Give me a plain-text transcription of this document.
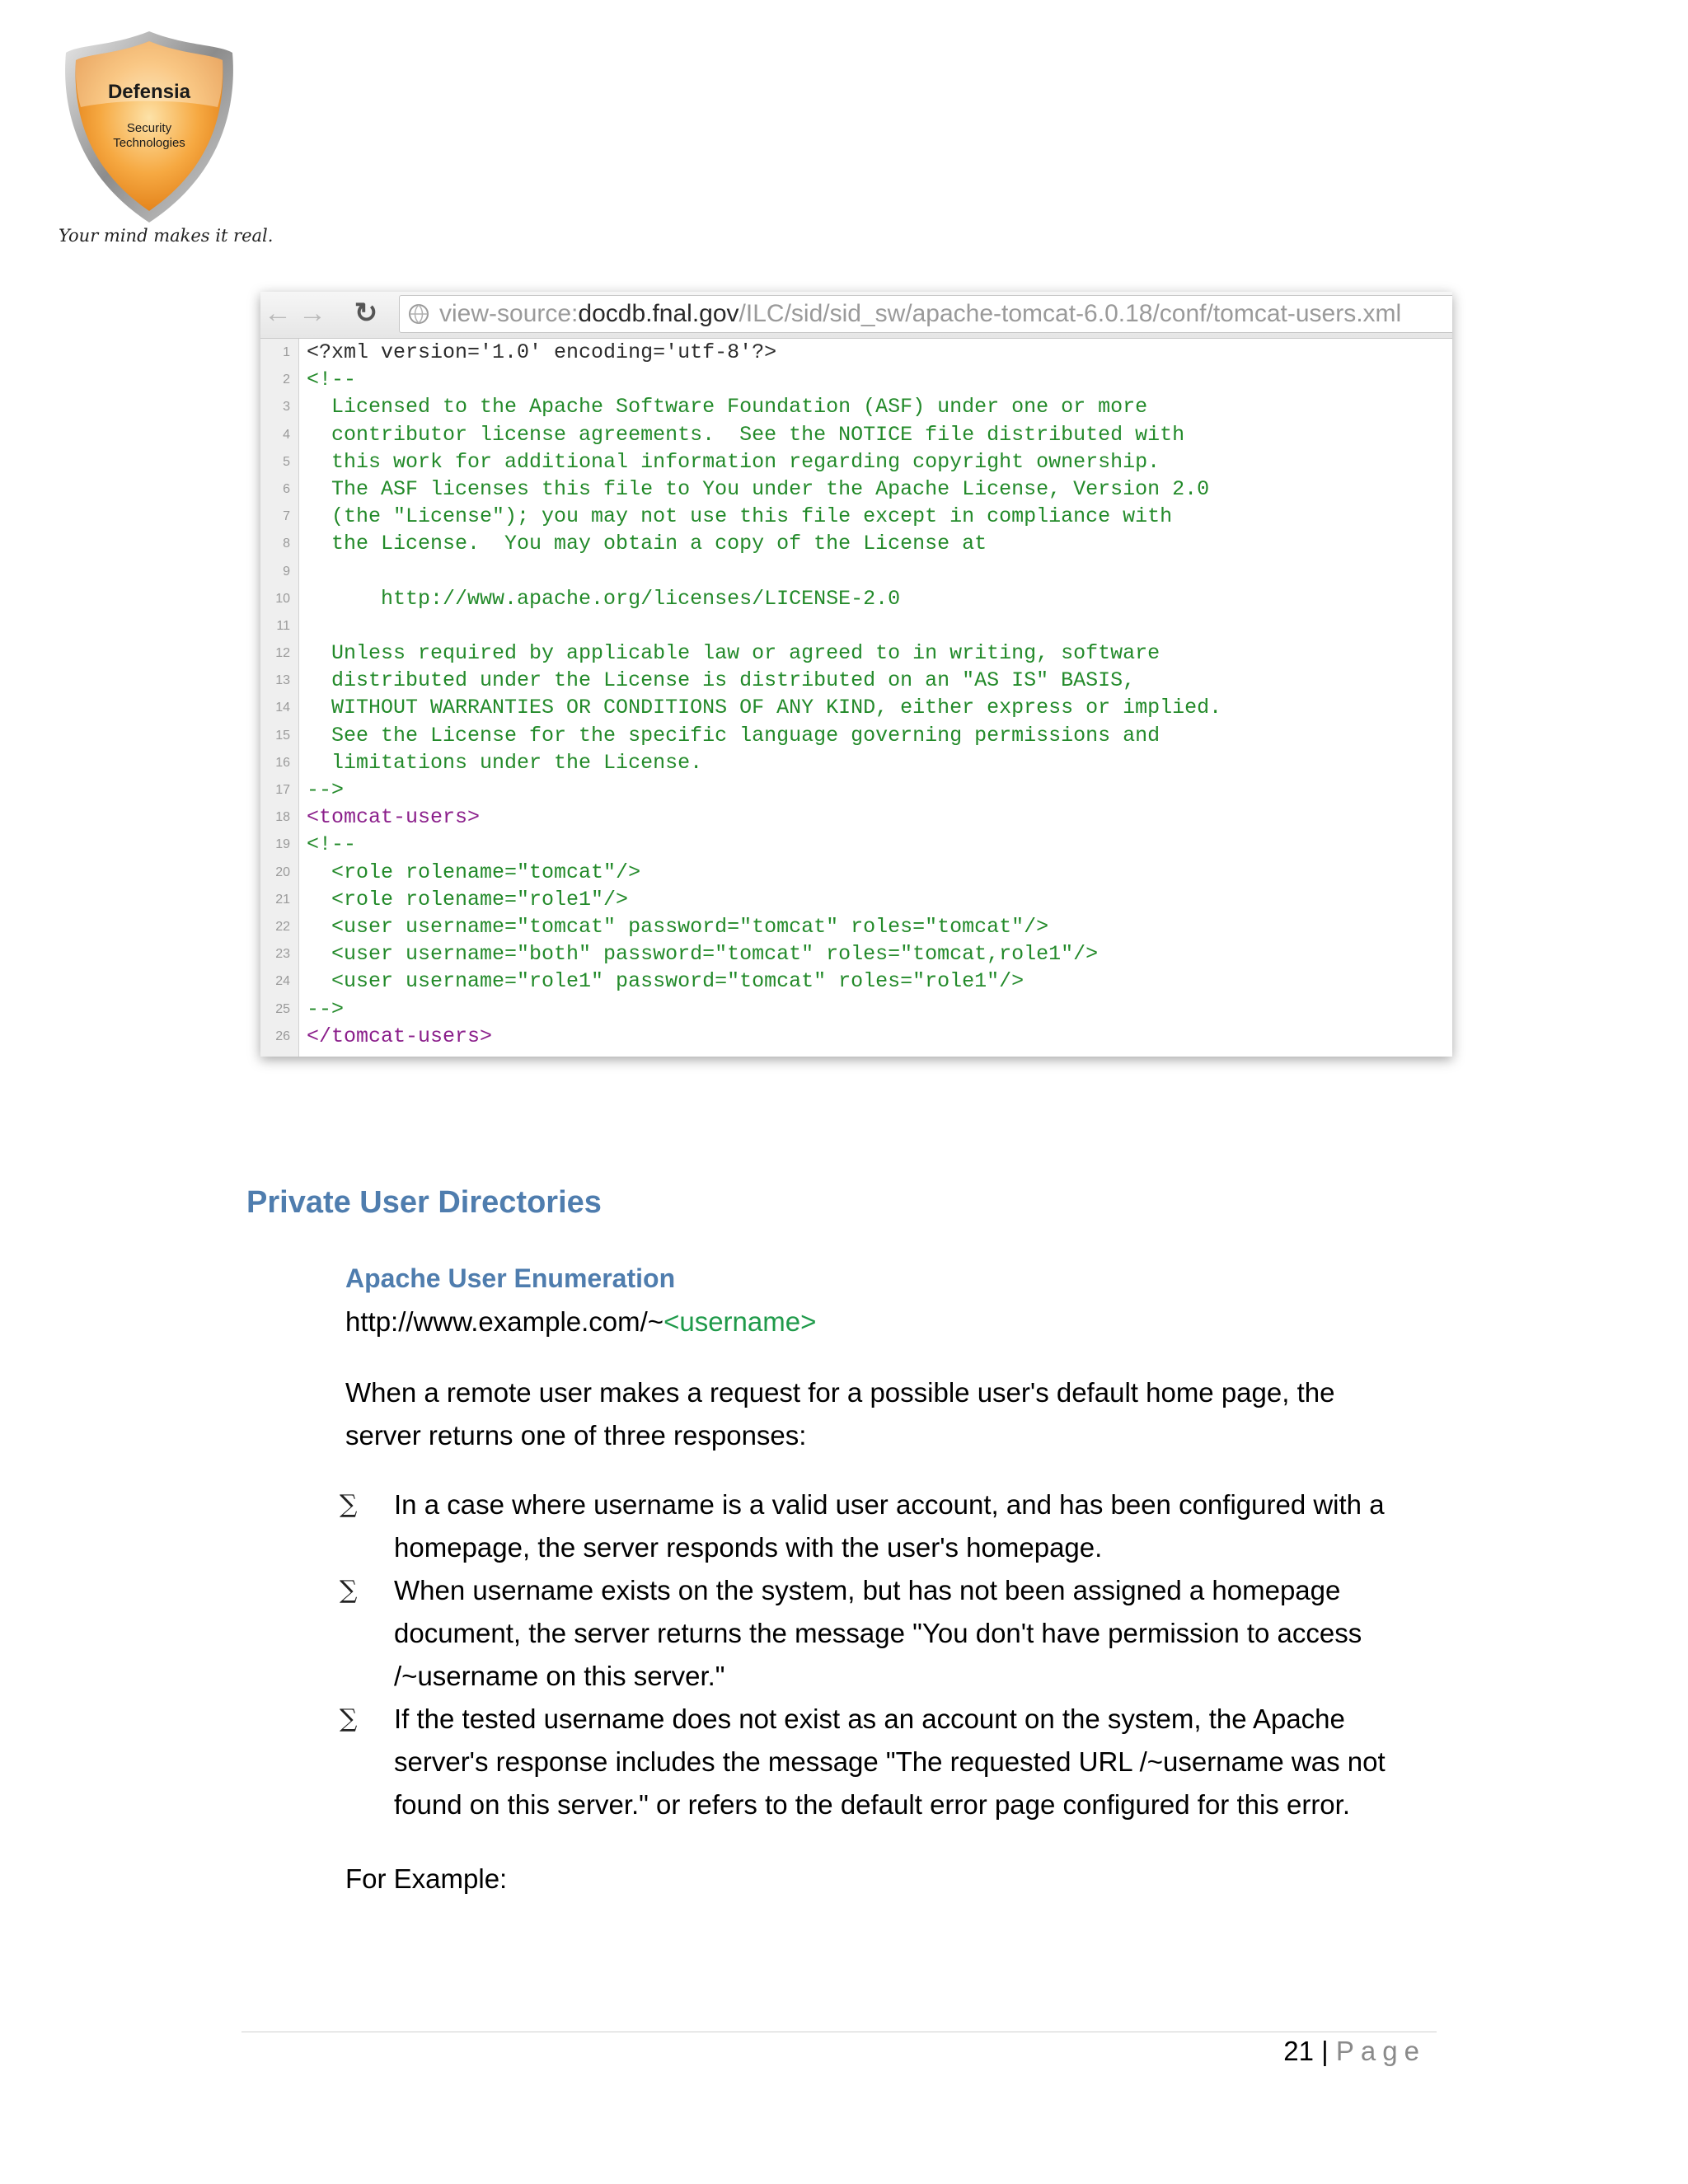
Defensia
Security
Technologies
Your mind makes it real.
← → ↻ view-source:docdb.fnal.gov/ILC/sid/sid_sw/apache-tomcat-6.0.18/conf/tomcat-users.xml
1 <?xml version='1.0' encoding='utf-8'?>
2 <!--
3 Licensed to the Apache Software Foundation (ASF) under one or more
4 contributor license agreements.  See the NOTICE file distributed with
5 this work for additional information regarding copyright ownership.
6 The ASF licenses this file to You under the Apache License, Version 2.0
7 (the "License"); you may not use this file except in compliance with
8 the License.  You may obtain a copy of the License at
9
10 http://www.apache.org/licenses/LICENSE-2.0
11
12 Unless required by applicable law or agreed to in writing, software
13 distributed under the License is distributed on an "AS IS" BASIS,
14 WITHOUT WARRANTIES OR CONDITIONS OF ANY KIND, either express or implied.
15 See the License for the specific language governing permissions and
16 limitations under the License.
17 -->
18 <tomcat-users>
19 <!--
20 <role rolename="tomcat"/>
21 <role rolename="role1"/>
22 <user username="tomcat" password="tomcat" roles="tomcat"/>
23 <user username="both" password="tomcat" roles="tomcat,role1"/>
24 <user username="role1" password="tomcat" roles="role1"/>
25 -->
26 </tomcat-users>
Private User Directories
Apache User Enumeration
http://www.example.com/~<username>
When a remote user makes a request for a possible user's default home page, the server returns one of three responses:
∑ In a case where username is a valid user account, and has been configured with a homepage, the server responds with the user's homepage.
∑ When username exists on the system, but has not been assigned a homepage document, the server returns the message "You don't have permission to access /~username on this server."
∑ If the tested username does not exist as an account on the system, the Apache server's response includes the message "The requested URL /~username was not found on this server." or refers to the default error page configured for this error.
For Example:
21 | Page
